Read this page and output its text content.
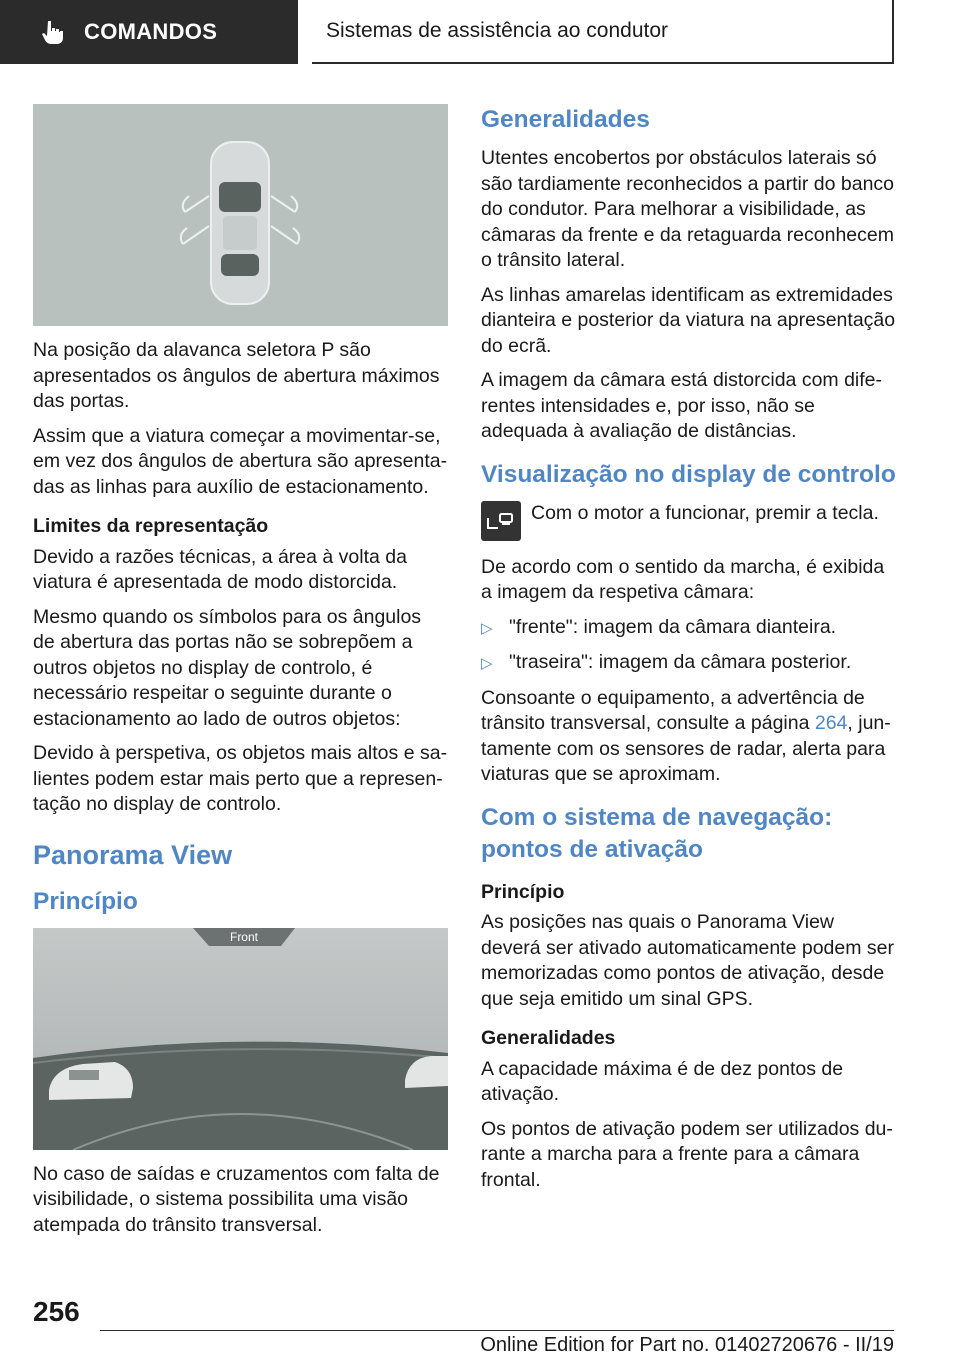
COMANDOS	Sistemas de assistência ao condutor

Na posição da alavanca seletora P são apresentados os ângulos de abertura máximos das portas.

Assim que a viatura começar a movimentar-se, em vez dos ângulos de abertura são apresentadas as linhas para auxílio de estacionamento.

Limites da representação

Devido a razões técnicas, a área à volta da viatura é apresentada de modo distorcida.

Mesmo quando os símbolos para os ângulos de abertura das portas não se sobrepõem a outros objetos no display de controlo, é necessário respeitar o seguinte durante o estacionamento ao lado de outros objetos:

Devido à perspetiva, os objetos mais altos e salientes podem estar mais perto que a representação no display de controlo.

Panorama View
Princípio
Front

No caso de saídas e cruzamentos com falta de visibilidade, o sistema possibilita uma visão atempada do trânsito transversal.

Generalidades

Utentes encobertos por obstáculos laterais só são tardiamente reconhecidos a partir do banco do condutor. Para melhorar a visibilidade, as câmaras da frente e da retaguarda reconhecem o trânsito lateral.

As linhas amarelas identificam as extremidades dianteira e posterior da viatura na apresentação do ecrã.

A imagem da câmara está distorcida com diferentes intensidades e, por isso, não se adequada à avaliação de distâncias.

Visualização no display de controlo
Com o motor a funcionar, premir a tecla.

De acordo com o sentido da marcha, é exibida a imagem da respetiva câmara:

▷ "frente": imagem da câmara dianteira.
▷ "traseira": imagem da câmara posterior.

Consoante o equipamento, a advertência de trânsito transversal, consulte a página 264, juntamente com os sensores de radar, alerta para viaturas que se aproximam.

Com o sistema de navegação: pontos de ativação
Princípio

As posições nas quais o Panorama View deverá ser ativado automaticamente podem ser memorizadas como pontos de ativação, desde que seja emitido um sinal GPS.

Generalidades

A capacidade máxima é de dez pontos de ativação.

Os pontos de ativação podem ser utilizados durante a marcha para a frente para a câmara frontal.

256
Online Edition for Part no. 01402720676 - II/19
